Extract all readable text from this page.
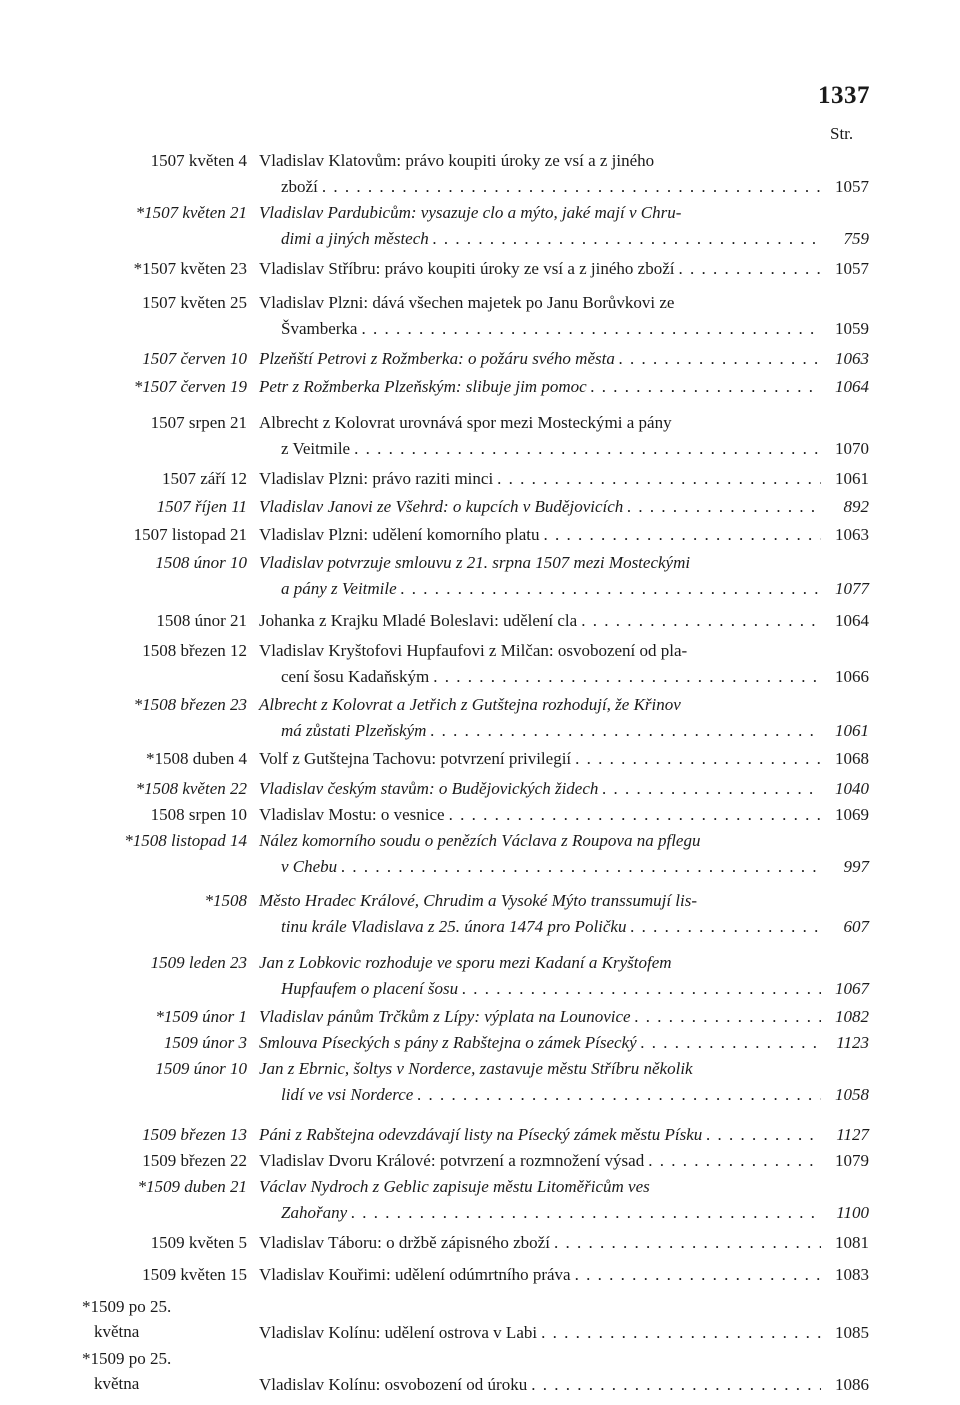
1337
Str.
1507 květen 4 Vladislav Klatovům: právo koupiti úroky ze vsí a z jiného
zboží . . .	1057
*1507 květen 21 Vladislav Pardubicům: vysazuje clo a mýto, jaké mají v Chru-
dimi a jiných městech . . .	759
*1507 květen 23 Vladislav Stříbru: právo koupiti úroky ze vsí a z jiného zboží . . .	1057
1507 květen 25 Vladislav Plzni: dává všechen majetek po Janu Borůvkovi ze
Švamberka . . .	1059
1507 červen 10 Plzeňští Petrovi z Rožmberka: o požáru svého města . . .	1063
*1507 červen 19 Petr z Rožmberka Plzeňským: slibuje jim pomoc . . .	1064
1507 srpen 21 Albrecht z Kolovrat urovnává spor mezi Mosteckými a pány
z Veitmile . . .	1070
1507 září 12 Vladislav Plzni: právo raziti minci . . .	1061
1507 říjen 11 Vladislav Janovi ze Všehrd: o kupcích v Budějovicích . . .	892
1507 listopad 21 Vladislav Plzni: udělení komorního platu . . .	1063
1508 únor 10 Vladislav potvrzuje smlouvu z 21. srpna 1507 mezi Mosteckými
a pány z Veitmile . . .	1077
1508 únor 21 Johanka z Krajku Mladé Boleslavi: udělení cla . . .	1064
1508 březen 12 Vladislav Kryštofovi Hupfaufovi z Milčan: osvobození od pla-
cení šosu Kadaňským . . .	1066
*1508 březen 23 Albrecht z Kolovrat a Jetřich z Gutštejna rozhodují, že Křinov
má zůstati Plzeňským . . .	1061
*1508 duben 4 Volf z Gutštejna Tachovu: potvrzení privilegií . . .	1068
*1508 květen 22 Vladislav českým stavům: o Budějovických židech . . .	1040
1508 srpen 10 Vladislav Mostu: o vesnice . . .	1069
*1508 listopad 14 Nález komorního soudu o penězích Václava z Roupova na pflegu
v Chebu . . .	997
*1508 Město Hradec Králové, Chrudim a Vysoké Mýto transsumují lis-
tinu krále Vladislava z 25. února 1474 pro Poličku . . .	607
1509 leden 23 Jan z Lobkovic rozhoduje ve sporu mezi Kadaní a Kryštofem
Hupfaufem o placení šosu . . .	1067
*1509 únor 1 Vladislav pánům Trčkům z Lípy: výplata na Lounovice . . .	1082
1509 únor 3 Smlouva Píseckých s pány z Rabštejna o zámek Písecký . . .	1123
1509 únor 10 Jan z Ebrnic, šoltys v Norderce, zastavuje městu Stříbru několik
lidí ve vsi Norderce . . .	1058
1509 březen 13 Páni z Rabštejna odevzdávají listy na Písecký zámek městu Písku . . .	1127
1509 březen 22 Vladislav Dvoru Králové: potvrzení a rozmnožení výsad . . .	1079
*1509 duben 21 Václav Nydroch z Geblic zapisuje městu Litoměřicům ves
Zahořany . . .	1100
1509 květen 5 Vladislav Táboru: o držbě zápisného zboží . . .	1081
1509 květen 15 Vladislav Kouřimi: udělení odúmrtního práva . . .	1083
*1509 po 25.
května	Vladislav Kolínu: udělení ostrova v Labi . . .	1085
*1509 po 25.
května	Vladislav Kolínu: osvobození od úroku . . .	1086
